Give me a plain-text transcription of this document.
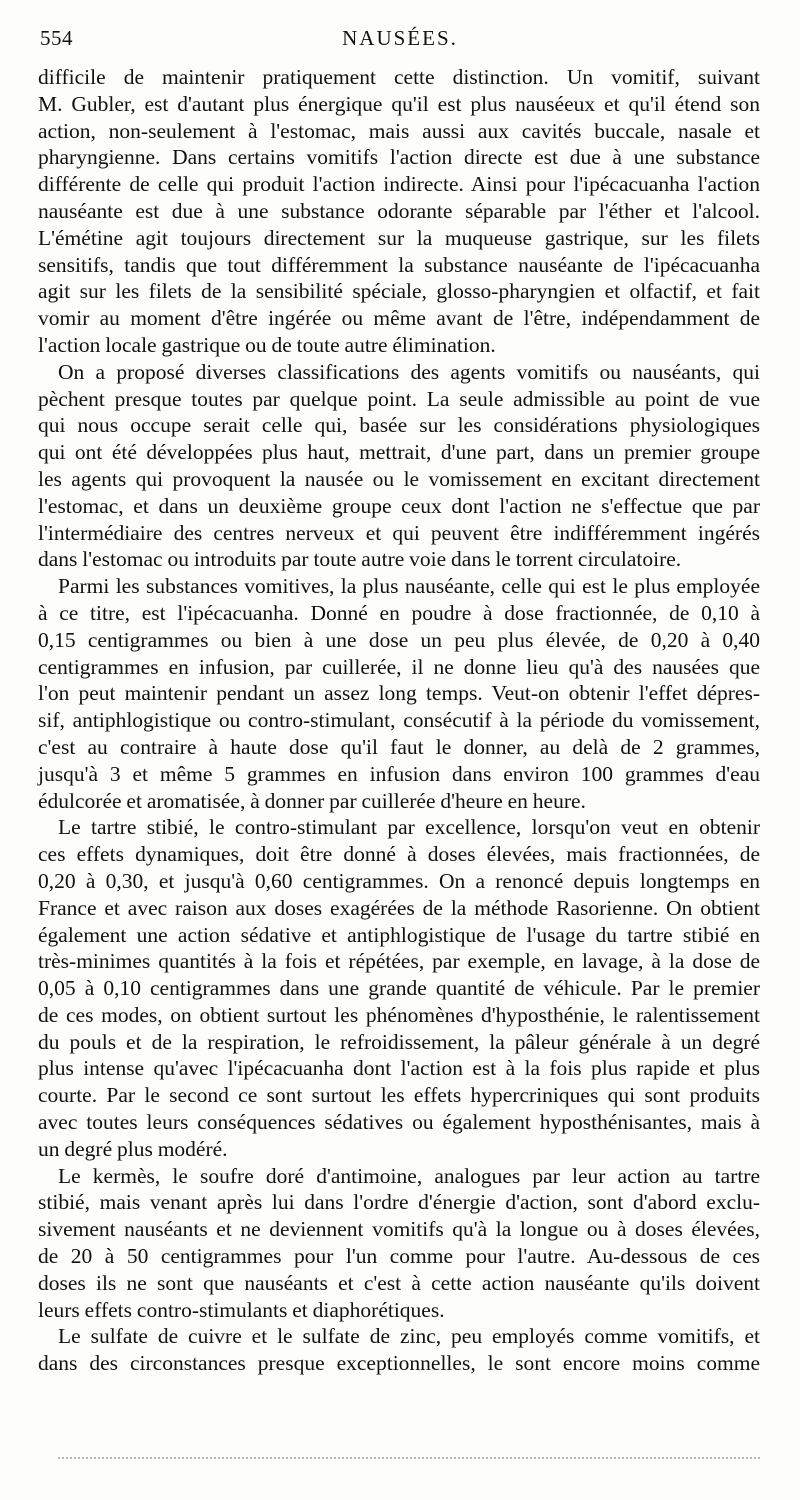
554	NAUSÉES.
difficile de maintenir pratiquement cette distinction. Un vomitif, suivant
M. Gubler, est d'autant plus énergique qu'il est plus nauséeux et qu'il étend son
action, non-seulement à l'estomac, mais aussi aux cavités buccale, nasale et
pharyngienne. Dans certains vomitifs l'action directe est due à une substance
différente de celle qui produit l'action indirecte. Ainsi pour l'ipécacuanha l'action
nauséante est due à une substance odorante séparable par l'éther et l'alcool.
L'émétine agit toujours directement sur la muqueuse gastrique, sur les filets
sensitifs, tandis que tout différemment la substance nauséante de l'ipécacuanha
agit sur les filets de la sensibilité spéciale, glosso-pharyngien et olfactif, et fait
vomir au moment d'être ingérée ou même avant de l'être, indépendamment de
l'action locale gastrique ou de toute autre élimination.
On a proposé diverses classifications des agents vomitifs ou nauséants, qui
pèchent presque toutes par quelque point. La seule admissible au point de vue
qui nous occupe serait celle qui, basée sur les considérations physiologiques
qui ont été développées plus haut, mettrait, d'une part, dans un premier groupe
les agents qui provoquent la nausée ou le vomissement en excitant directement
l'estomac, et dans un deuxième groupe ceux dont l'action ne s'effectue que par
l'intermédiaire des centres nerveux et qui peuvent être indifféremment ingérés
dans l'estomac ou introduits par toute autre voie dans le torrent circulatoire.
Parmi les substances vomitives, la plus nauséante, celle qui est le plus employée
à ce titre, est l'ipécacuanha. Donné en poudre à dose fractionnée, de 0,10 à
0,15 centigrammes ou bien à une dose un peu plus élevée, de 0,20 à 0,40
centigrammes en infusion, par cuillerée, il ne donne lieu qu'à des nausées que
l'on peut maintenir pendant un assez long temps. Veut-on obtenir l'effet dépres-
sif, antiphlogistique ou contro-stimulant, consécutif à la période du vomissement,
c'est au contraire à haute dose qu'il faut le donner, au delà de 2 grammes,
jusqu'à 3 et même 5 grammes en infusion dans environ 100 grammes d'eau
édulcorée et aromatisée, à donner par cuillerée d'heure en heure.
Le tartre stibié, le contro-stimulant par excellence, lorsqu'on veut en obtenir
ces effets dynamiques, doit être donné à doses élevées, mais fractionnées, de
0,20 à 0,30, et jusqu'à 0,60 centigrammes. On a renoncé depuis longtemps en
France et avec raison aux doses exagérées de la méthode Rasorienne. On obtient
également une action sédative et antiphlogistique de l'usage du tartre stibié en
très-minimes quantités à la fois et répétées, par exemple, en lavage, à la dose de
0,05 à 0,10 centigrammes dans une grande quantité de véhicule. Par le premier
de ces modes, on obtient surtout les phénomènes d'hyposthénie, le ralentissement
du pouls et de la respiration, le refroidissement, la pâleur générale à un degré
plus intense qu'avec l'ipécacuanha dont l'action est à la fois plus rapide et plus
courte. Par le second ce sont surtout les effets hypercriniques qui sont produits
avec toutes leurs conséquences sédatives ou également hyposthénisantes, mais à
un degré plus modéré.
Le kermès, le soufre doré d'antimoine, analogues par leur action au tartre
stibié, mais venant après lui dans l'ordre d'énergie d'action, sont d'abord exclu-
sivement nauséants et ne deviennent vomitifs qu'à la longue ou à doses élevées,
de 20 à 50 centigrammes pour l'un comme pour l'autre. Au-dessous de ces
doses ils ne sont que nauséants et c'est à cette action nauséante qu'ils doivent
leurs effets contro-stimulants et diaphorétiques.
Le sulfate de cuivre et le sulfate de zinc, peu employés comme vomitifs, et
dans des circonstances presque exceptionnelles, le sont encore moins comme
